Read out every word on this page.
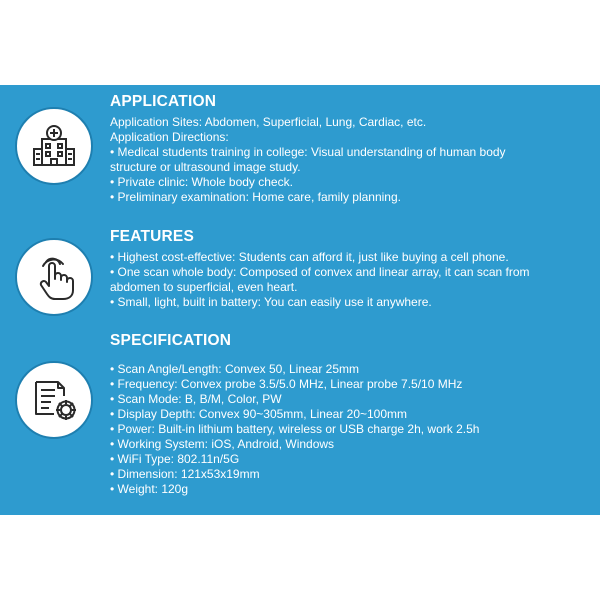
APPLICATION
Application Sites: Abdomen, Superficial, Lung, Cardiac, etc.
Application Directions:
• Medical students training in college: Visual understanding of human body
structure or ultrasound image study.
• Private clinic: Whole body check.
• Preliminary examination: Home care, family planning.
FEATURES
• Highest cost-effective: Students can afford it, just like buying a cell phone.
• One scan whole body: Composed of convex and linear array, it can scan from
abdomen to superficial, even heart.
• Small, light, built in battery: You can easily use it anywhere.
SPECIFICATION
• Scan Angle/Length: Convex 50, Linear 25mm
• Frequency: Convex probe 3.5/5.0 MHz, Linear probe 7.5/10 MHz
• Scan Mode: B, B/M, Color, PW
• Display Depth: Convex 90~305mm, Linear 20~100mm
• Power: Built-in lithium battery, wireless or USB charge 2h, work 2.5h
• Working System: iOS, Android, Windows
• WiFi Type: 802.11n/5G
• Dimension: 121x53x19mm
• Weight: 120g
